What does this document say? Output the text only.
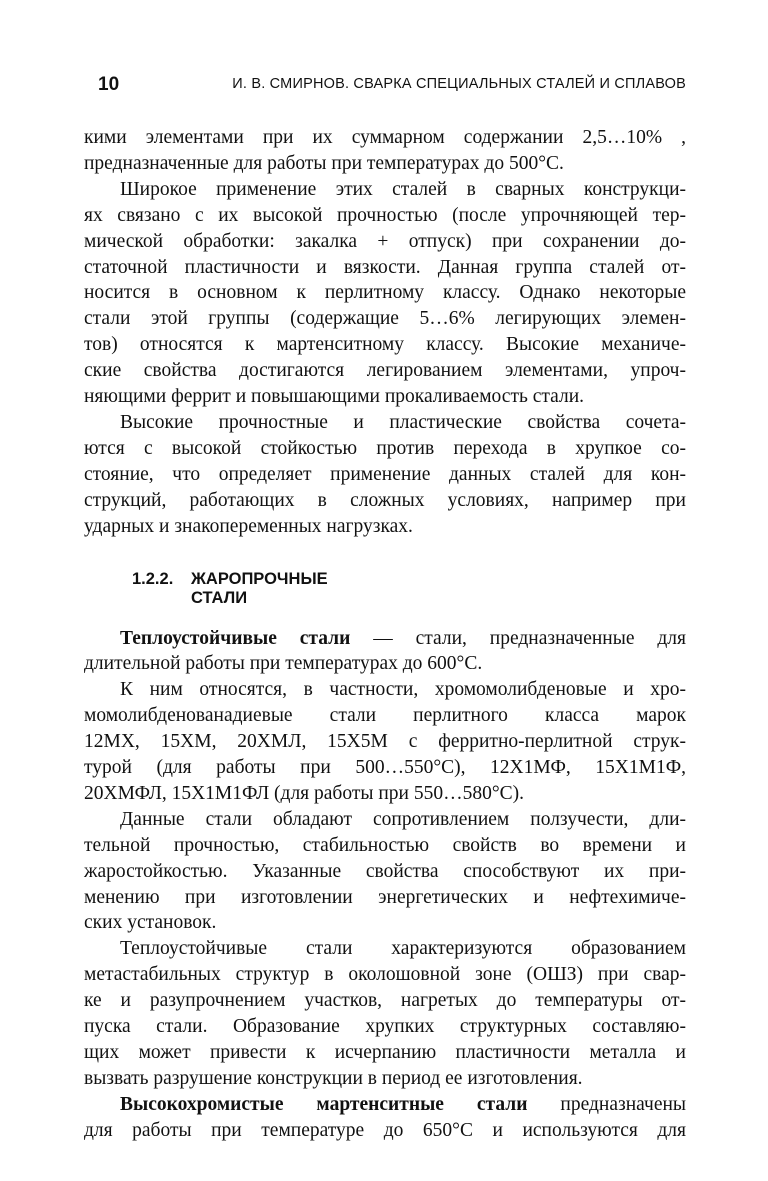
10	И. В. СМИРНОВ. СВАРКА СПЕЦИАЛЬНЫХ СТАЛЕЙ И СПЛАВОВ

кими элементами при их суммарном содержании 2,5…10% ,
предназначенные для работы при температурах до 500°С.

Широкое применение этих сталей в сварных конструкци-
ях связано с их высокой прочностью (после упрочняющей тер-
мической обработки: закалка + отпуск) при сохранении до-
статочной пластичности и вязкости. Данная группа сталей от-
носится в основном к перлитному классу. Однако некоторые
стали этой группы (содержащие 5…6% легирующих элемен-
тов) относятся к мартенситному классу. Высокие механиче-
ские свойства достигаются легированием элементами, упроч-
няющими феррит и повышающими прокаливаемость стали.

Высокие прочностные и пластические свойства сочета-
ются с высокой стойкостью против перехода в хрупкое со-
стояние, что определяет применение данных сталей для кон-
струкций, работающих в сложных условиях, например при
ударных и знакопеременных нагрузках.

1.2.2. ЖАРОПРОЧНЫЕ
СТАЛИ

Теплоустойчивые стали — стали, предназначенные для
длительной работы при температурах до 600°С.

К ним относятся, в частности, хромомолибденовые и хро-
момолибденованадиевые стали перлитного класса марок
12МХ, 15ХМ, 20ХМЛ, 15Х5М с ферритно-перлитной струк-
турой (для работы при 500…550°С), 12Х1МФ, 15Х1М1Ф,
20ХМФЛ, 15Х1М1ФЛ (для работы при 550…580°С).

Данные стали обладают сопротивлением ползучести, дли-
тельной прочностью, стабильностью свойств во времени и
жаростойкостью. Указанные свойства способствуют их при-
менению при изготовлении энергетических и нефтехимиче-
ских установок.

Теплоустойчивые стали характеризуются образованием
метастабильных структур в околошовной зоне (ОШЗ) при свар-
ке и разупрочнением участков, нагретых до температуры от-
пуска стали. Образование хрупких структурных составляю-
щих может привести к исчерпанию пластичности металла и
вызвать разрушение конструкции в период ее изготовления.

Высокохромистые мартенситные стали предназначены
для работы при температуре до 650°С и используются для
